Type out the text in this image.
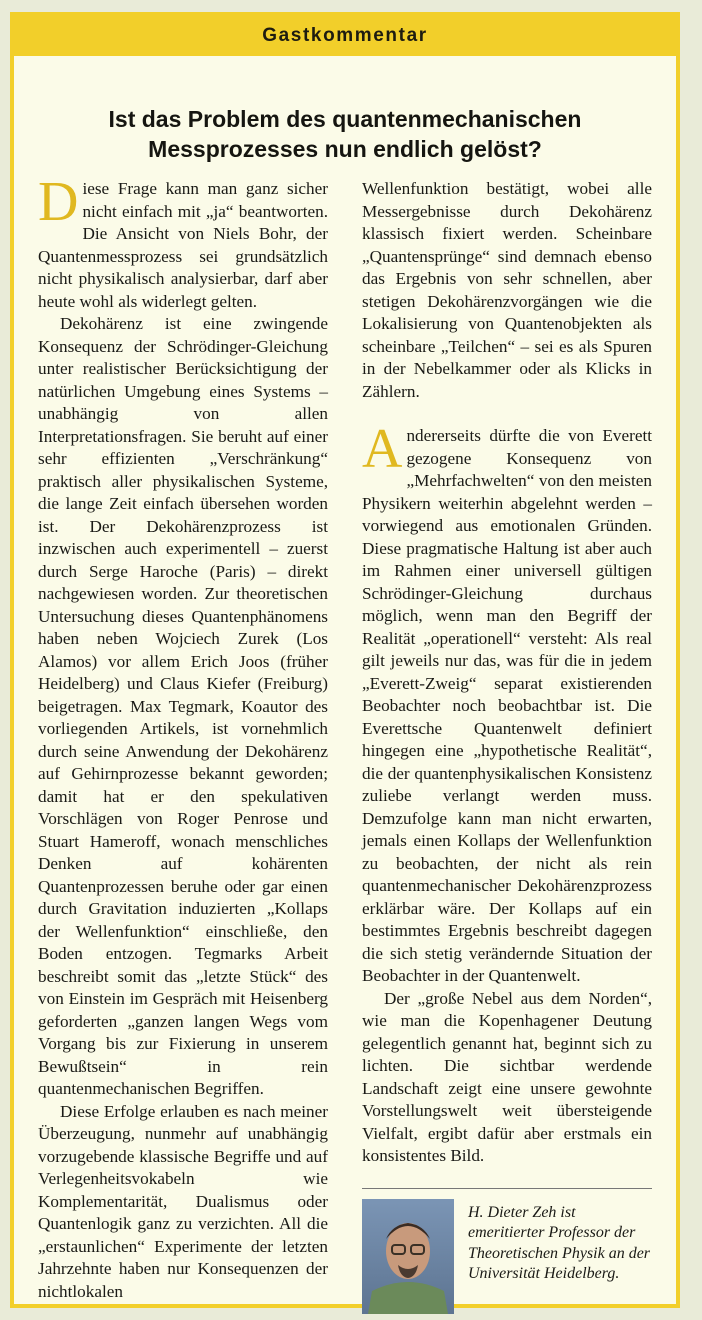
Gastkommentar
Ist das Problem des quantenmechanischen
Messprozesses nun endlich gelöst?

Diese Frage kann man ganz sicher nicht einfach mit „ja“ beantworten. Die Ansicht von Niels Bohr, der Quantenmessprozess sei grundsätzlich nicht physikalisch analysierbar, darf aber heute wohl als widerlegt gelten.

Dekohärenz ist eine zwingende Konsequenz der Schrödinger-Gleichung unter realistischer Berücksichtigung der natürlichen Umgebung eines Systems – unabhängig von allen Interpretationsfragen. Sie beruht auf einer sehr effizienten „Verschränkung“ praktisch aller physikalischen Systeme, die lange Zeit einfach übersehen worden ist. Der Dekohärenzprozess ist inzwischen auch experimentell – zuerst durch Serge Haroche (Paris) – direkt nachgewiesen worden. Zur theoretischen Untersuchung dieses Quantenphänomens haben neben Wojciech Zurek (Los Alamos) vor allem Erich Joos (früher Heidelberg) und Claus Kiefer (Freiburg) beigetragen. Max Tegmark, Koautor des vorliegenden Artikels, ist vornehmlich durch seine Anwendung der Dekohärenz auf Gehirnprozesse bekannt geworden; damit hat er den spekulativen Vorschlägen von Roger Penrose und Stuart Hameroff, wonach menschliches Denken auf kohärenten Quantenprozessen beruhe oder gar einen durch Gravitation induzierten „Kollaps der Wellenfunktion“ einschließe, den Boden entzogen. Tegmarks Arbeit beschreibt somit das „letzte Stück“ des von Einstein im Gespräch mit Heisenberg geforderten „ganzen langen Wegs vom Vorgang bis zur Fixierung in unserem Bewußtsein“ in rein quantenmechanischen Begriffen.

Diese Erfolge erlauben es nach meiner Überzeugung, nunmehr auf unabhängig vorzugebende klassische Begriffe und auf Verlegenheitsvokabeln wie Komplementarität, Dualismus oder Quantenlogik ganz zu verzichten. All die „erstaunlichen“ Experimente der letzten Jahrzehnte haben nur Konsequenzen der nichtlokalen

Wellenfunktion bestätigt, wobei alle Messergebnisse durch Dekohärenz klassisch fixiert werden. Scheinbare „Quantensprünge“ sind demnach ebenso das Ergebnis von sehr schnellen, aber stetigen Dekohärenzvorgängen wie die Lokalisierung von Quantenobjekten als scheinbare „Teilchen“ – sei es als Spuren in der Nebelkammer oder als Klicks in Zählern.

Andererseits dürfte die von Everett gezogene Konsequenz von „Mehrfachwelten“ von den meisten Physikern weiterhin abgelehnt werden – vorwiegend aus emotionalen Gründen. Diese pragmatische Haltung ist aber auch im Rahmen einer universell gültigen Schrödinger-Gleichung durchaus möglich, wenn man den Begriff der Realität „operationell“ versteht: Als real gilt jeweils nur das, was für die in jedem „Everett-Zweig“ separat existierenden Beobachter noch beobachtbar ist. Die Everettsche Quantenwelt definiert hingegen eine „hypothetische Realität“, die der quantenphysikalischen Konsistenz zuliebe verlangt werden muss. Demzufolge kann man nicht erwarten, jemals einen Kollaps der Wellenfunktion zu beobachten, der nicht als rein quantenmechanischer Dekohärenzprozess erklärbar wäre. Der Kollaps auf ein bestimmtes Ergebnis beschreibt dagegen die sich stetig verändernde Situation der Beobachter in der Quantenwelt.

Der „große Nebel aus dem Norden“, wie man die Kopenhagener Deutung gelegentlich genannt hat, beginnt sich zu lichten. Die sichtbar werdende Landschaft zeigt eine unsere gewohnte Vorstellungswelt weit übersteigende Vielfalt, ergibt dafür aber erstmals ein konsistentes Bild.

H. Dieter Zeh ist emeritierter Professor der Theoretischen Physik an der Universität Heidelberg.
